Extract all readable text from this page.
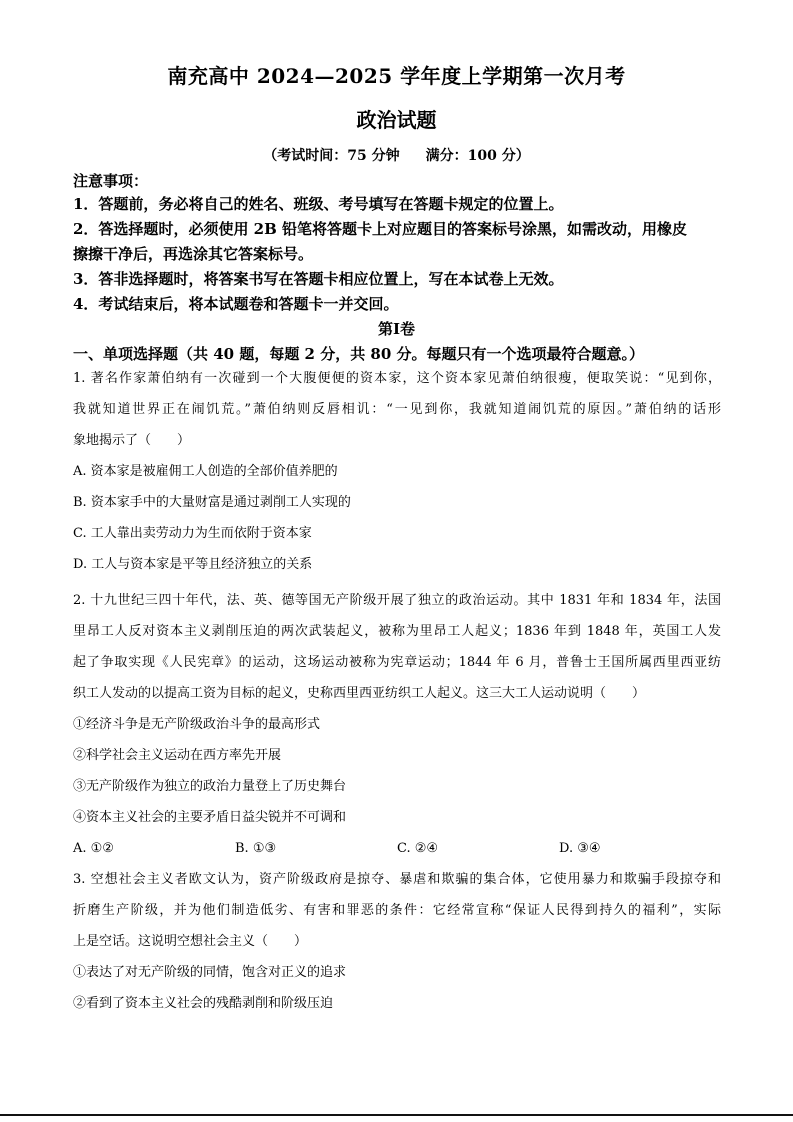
南充高中 2024—2025 学年度上学期第一次月考
政治试题
（考试时间：75 分钟 满分：100 分）
注意事项：
1．答题前，务必将自己的姓名、班级、考号填写在答题卡规定的位置上。
2．答选择题时，必须使用 2B 铅笔将答题卡上对应题目的答案标号涂黑，如需改动，用橡皮
擦擦干净后，再选涂其它答案标号。
3．答非选择题时，将答案书写在答题卡相应位置上，写在本试卷上无效。
4．考试结束后，将本试题卷和答题卡一并交回。
第Ⅰ卷
一、单项选择题（共 40 题，每题 2 分，共 80 分。每题只有一个选项最符合题意。）
1. 著名作家萧伯纳有一次碰到一个大腹便便的资本家，这个资本家见萧伯纳很瘦，便取笑说：“见到你，
我就知道世界正在闹饥荒。”萧伯纳则反唇相讥：“一见到你，我就知道闹饥荒的原因。”萧伯纳的话形
象地揭示了（　　）
A. 资本家是被雇佣工人创造的全部价值养肥的
B. 资本家手中的大量财富是通过剥削工人实现的
C. 工人靠出卖劳动力为生而依附于资本家
D. 工人与资本家是平等且经济独立的关系
2. 十九世纪三四十年代，法、英、德等国无产阶级开展了独立的政治运动。其中 1831 年和 1834 年，法国
里昂工人反对资本主义剥削压迫的两次武装起义，被称为里昂工人起义；1836 年到 1848 年，英国工人发
起了争取实现《人民宪章》的运动，这场运动被称为宪章运动；1844 年 6 月，普鲁士王国所属西里西亚纺
织工人发动的以提高工资为目标的起义，史称西里西亚纺织工人起义。这三大工人运动说明（　　）
①经济斗争是无产阶级政治斗争的最高形式
②科学社会主义运动在西方率先开展
③无产阶级作为独立的政治力量登上了历史舞台
④资本主义社会的主要矛盾日益尖锐并不可调和
A. ①②	B. ①③	C. ②④	D. ③④
3. 空想社会主义者欧文认为，资产阶级政府是掠夺、暴虐和欺骗的集合体，它使用暴力和欺骗手段掠夺和
折磨生产阶级，并为他们制造低劣、有害和罪恶的条件：它经常宣称“保证人民得到持久的福利”，实际
上是空话。这说明空想社会主义（　　）
①表达了对无产阶级的同情，饱含对正义的追求
②看到了资本主义社会的残酷剥削和阶级压迫
